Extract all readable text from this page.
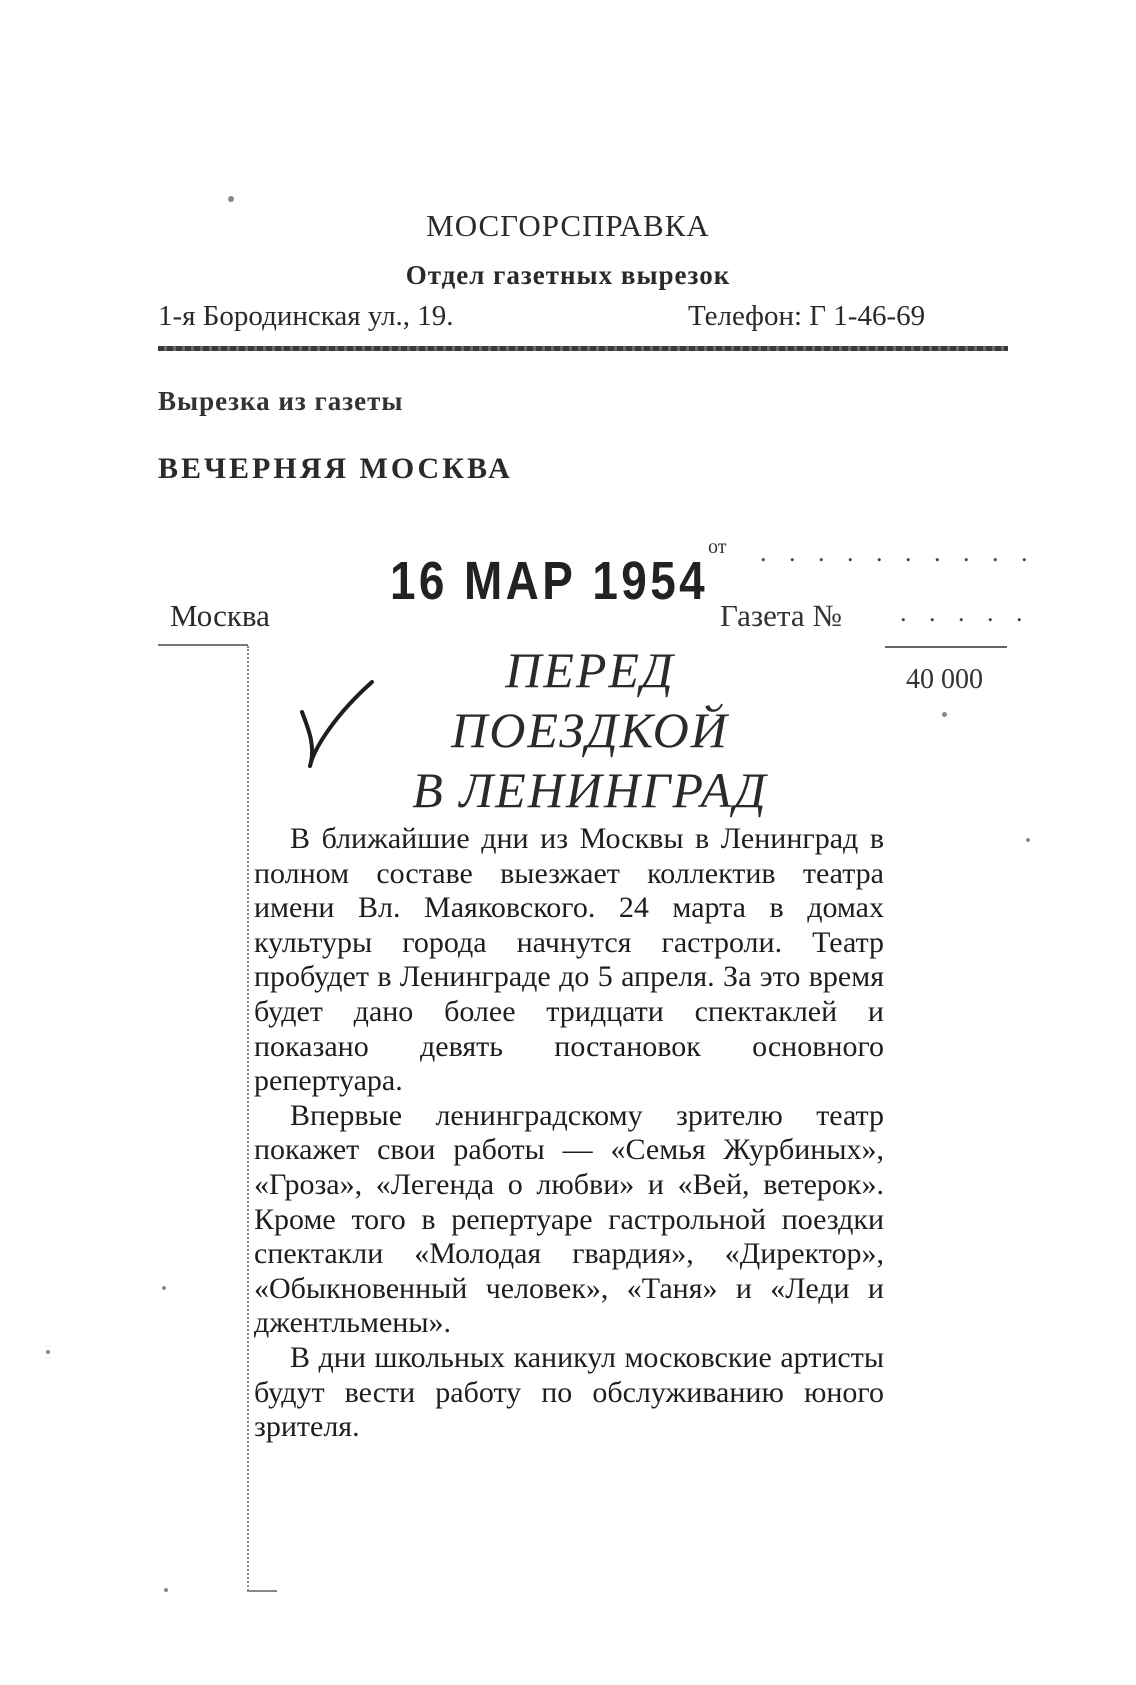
МОСГОРСПРАВКА
Отдел газетных вырезок
1-я Бородинская ул., 19.	Телефон: Г 1-46-69
Вырезка из газеты
ВЕЧЕРНЯЯ МОСКВА
от . . . . . . . . . .
16 МАР 1954
Москва	Газета № . . . . .
40 000
ПЕРЕД
ПОЕЗДКОЙ
В ЛЕНИНГРАД

В ближайшие дни из Москвы в Ленинград в полном составе выезжает коллектив театра имени Вл. Маяковского. 24 марта в домах культуры города начнутся гастроли. Театр пробудет в Ленинграде до 5 апреля. За это время будет дано более тридцати спектаклей и показано девять постановок основного репертуара.

Впервые ленинградскому зрителю театр покажет свои работы — «Семья Журбиных», «Гроза», «Легенда о любви» и «Вей, ветерок». Кроме того в репертуаре гастрольной поездки спектакли «Молодая гвардия», «Директор», «Обыкновенный человек», «Таня» и «Леди и джентльмены».

В дни школьных каникул московские артисты будут вести работу по обслуживанию юного зрителя.
